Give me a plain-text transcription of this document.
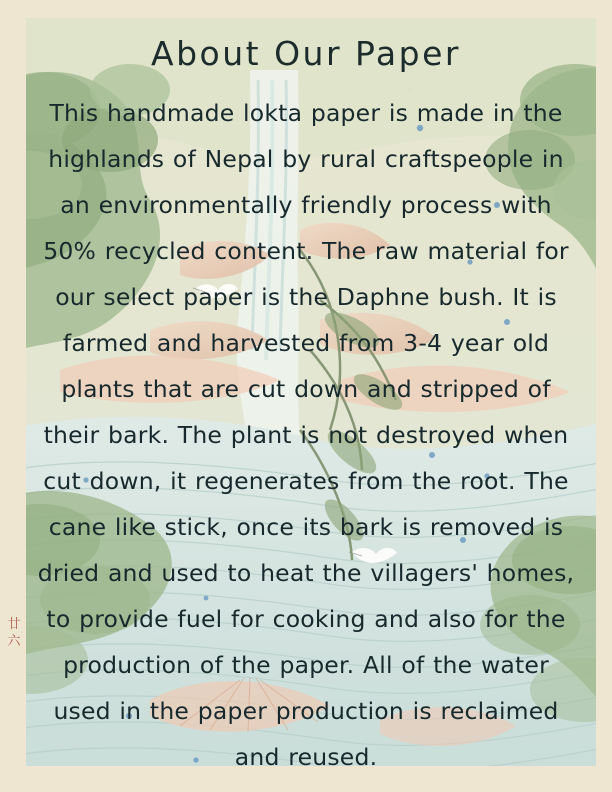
廿六
About Our Paper

This handmade lokta paper is made in the highlands of Nepal by rural craftspeople in an environmentally friendly process with 50% recycled content. The raw material for our select paper is the Daphne bush. It is farmed and harvested from 3-4 year old plants that are cut down and stripped of their bark. The plant is not destroyed when cut down, it regenerates from the root. The cane like stick, once its bark is removed is dried and used to heat the villagers' homes, to provide fuel for cooking and also for the production of the paper. All of the water used in the paper production is reclaimed and reused.
